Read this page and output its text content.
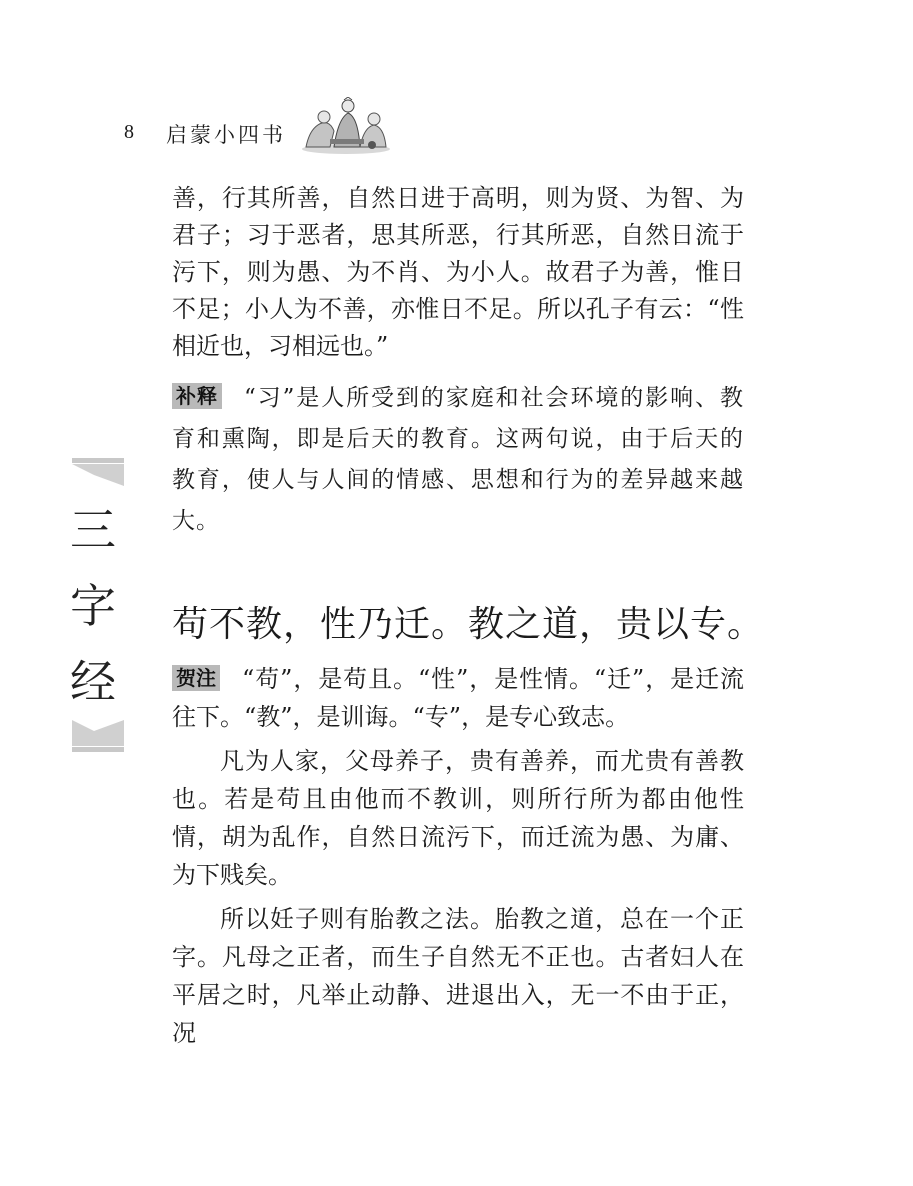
8 启蒙小四书
三
字
经

善，行其所善，自然日进于高明，则为贤、为智、为君子；习于恶者，思其所恶，行其所恶，自然日流于污下，则为愚、为不肖、为小人。故君子为善，惟日不足；小人为不善，亦惟日不足。所以孔子有云：“性相近也，习相远也。”

补释 “习”是人所受到的家庭和社会环境的影响、教育和熏陶，即是后天的教育。这两句说，由于后天的教育，使人与人间的情感、思想和行为的差异越来越大。

苟不教，性乃迁。教之道，贵以专。

贺注 “苟”，是苟且。“性”，是性情。“迁”，是迁流往下。“教”，是训诲。“专”，是专心致志。

凡为人家，父母养子，贵有善养，而尤贵有善教也。若是苟且由他而不教训，则所行所为都由他性情，胡为乱作，自然日流污下，而迁流为愚、为庸、为下贱矣。

所以妊子则有胎教之法。胎教之道，总在一个正字。凡母之正者，而生子自然无不正也。古者妇人在平居之时，凡举止动静、进退出入，无一不由于正，况
